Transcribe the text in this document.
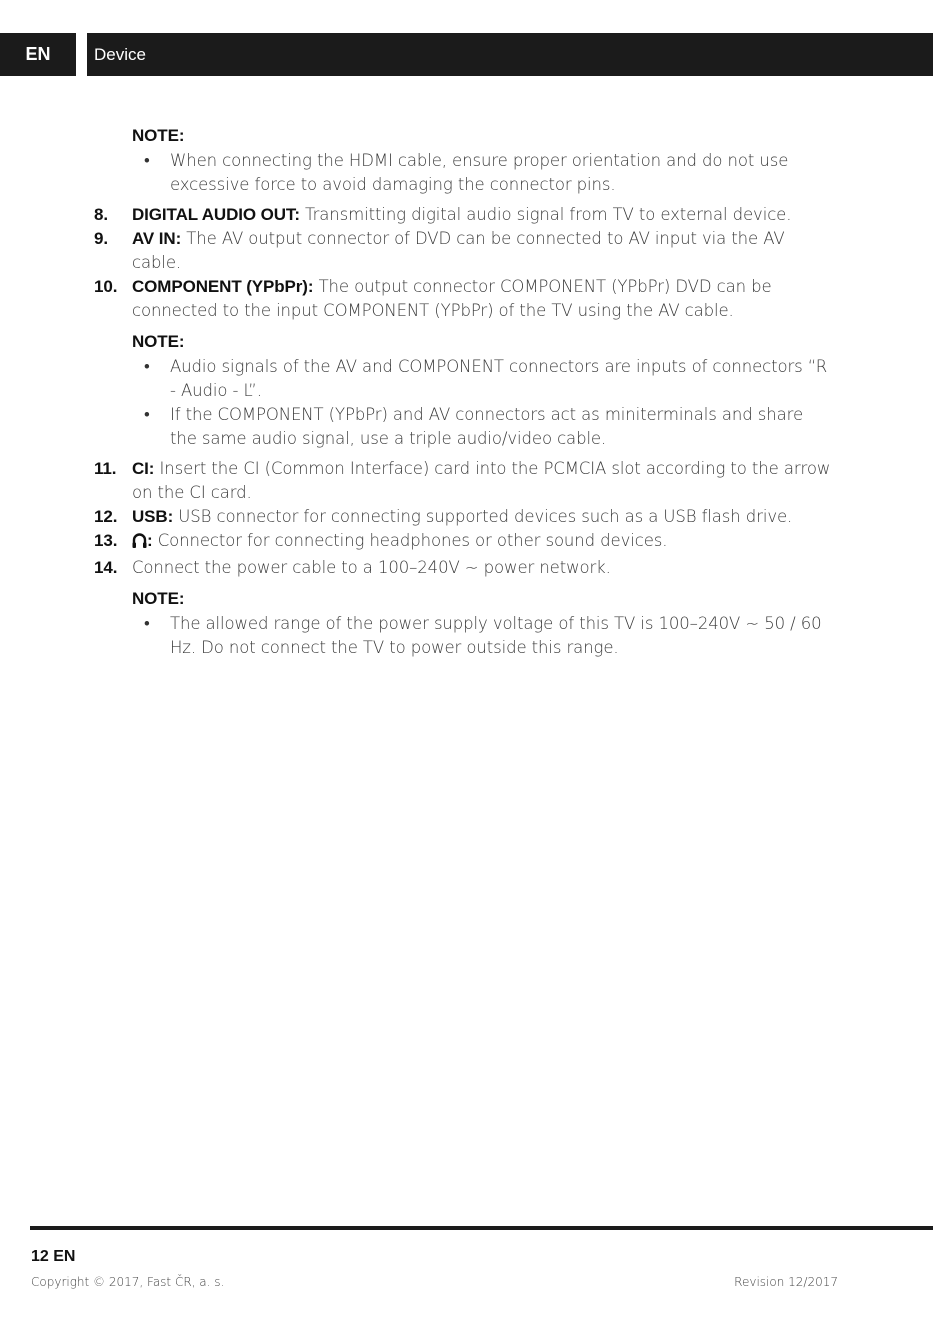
EN	Device
NOTE:
• When connecting the HDMI cable, ensure proper orientation and do not use excessive force to avoid damaging the connector pins.
8. DIGITAL AUDIO OUT: Transmitting digital audio signal from TV to external device.
9. AV IN: The AV output connector of DVD can be connected to AV input via the AV cable.
10. COMPONENT (YPbPr): The output connector COMPONENT (YPbPr) DVD can be connected to the input COMPONENT (YPbPr) of the TV using the AV cable.
NOTE:
• Audio signals of the AV and COMPONENT connectors are inputs of connectors “R - Audio - L”.
• If the COMPONENT (YPbPr) and AV connectors act as miniterminals and share the same audio signal, use a triple audio/video cable.
11. CI: Insert the CI (Common Interface) card into the PCMCIA slot according to the arrow on the CI card.
12. USB: USB connector for connecting supported devices such as a USB flash drive.
13. : Connector for connecting headphones or other sound devices.
14. Connect the power cable to a 100–240V ~ power network.
NOTE:
• The allowed range of the power supply voltage of this TV is 100–240V ~ 50 / 60 Hz. Do not connect the TV to power outside this range.
12 EN
Copyright © 2017, Fast ČR, a. s.	Revision 12/2017
